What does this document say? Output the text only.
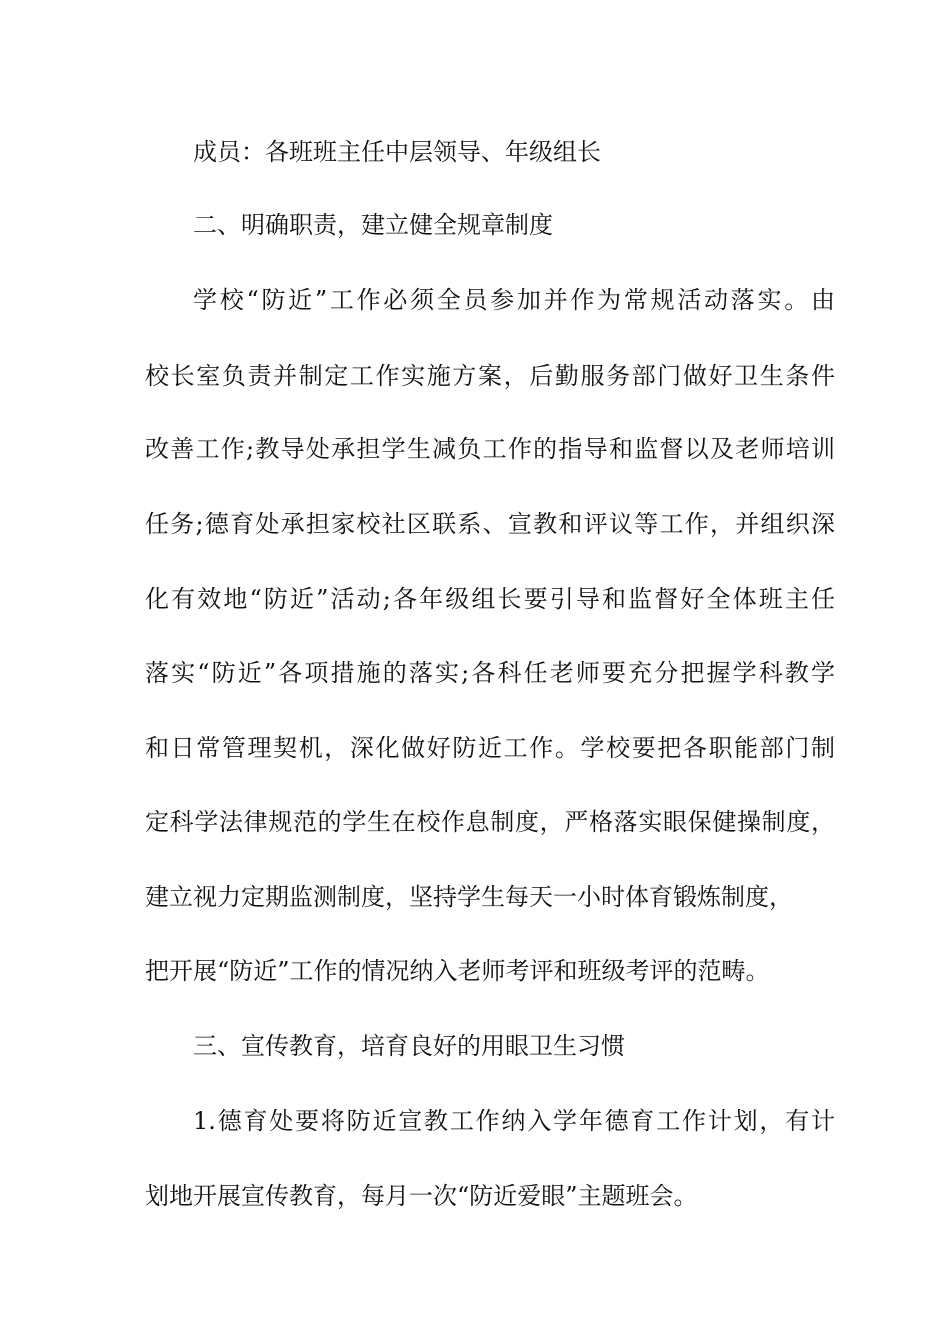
成员：各班班主任中层领导、年级组长
二、明确职责，建立健全规章制度
学校“防近”工作必须全员参加并作为常规活动落实。由
校长室负责并制定工作实施方案，后勤服务部门做好卫生条件
改善工作;教导处承担学生减负工作的指导和监督以及老师培训
任务;德育处承担家校社区联系、宣教和评议等工作，并组织深
化有效地“防近”活动;各年级组长要引导和监督好全体班主任
落实“防近”各项措施的落实;各科任老师要充分把握学科教学
和日常管理契机，深化做好防近工作。学校要把各职能部门制
定科学法律规范的学生在校作息制度，严格落实眼保健操制度，
建立视力定期监测制度，坚持学生每天一小时体育锻炼制度，
把开展“防近”工作的情况纳入老师考评和班级考评的范畴。
三、宣传教育，培育良好的用眼卫生习惯
1.德育处要将防近宣教工作纳入学年德育工作计划，有计
划地开展宣传教育，每月一次“防近爱眼”主题班会。
